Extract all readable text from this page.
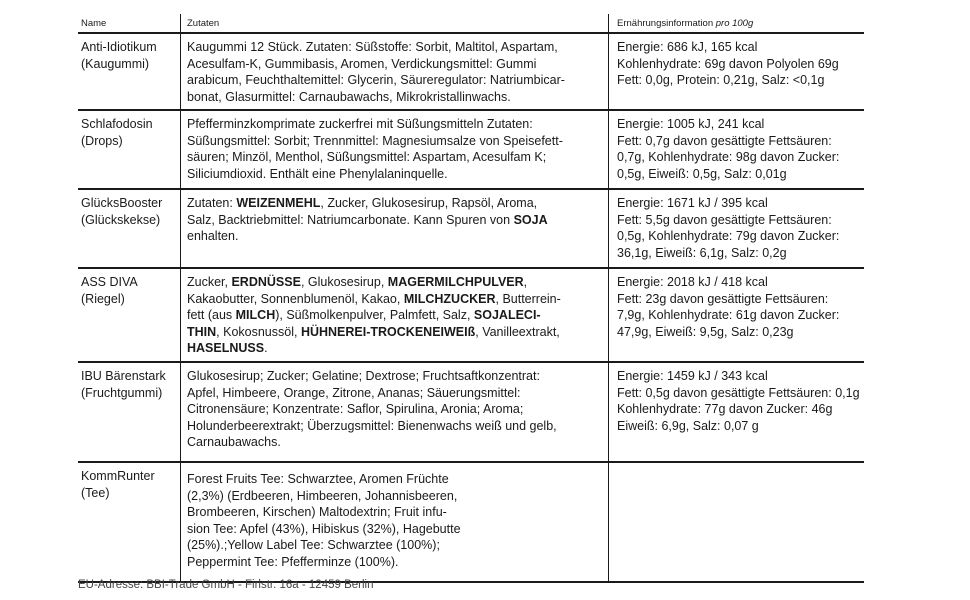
Name	Zutaten	Ernährungsinformation pro 100g
Anti-Idiotikum
(Kaugummi)
Kaugummi 12 Stück. Zutaten: Süßstoffe: Sorbit, Maltitol, Aspartam,
Acesulfam-K, Gummibasis, Aromen, Verdickungsmittel: Gummi
arabicum, Feuchthaltemittel: Glycerin, Säureregulator: Natriumbicar-
bonat, Glasurmittel: Carnaubawachs, Mikrokristallinwachs.
Energie: 686 kJ, 165 kcal
Kohlenhydrate: 69g davon Polyolen 69g
Fett: 0,0g, Protein: 0,21g, Salz: <0,1g
Schlafodosin
(Drops)
Pfefferminzkomprimate zuckerfrei mit Süßungsmitteln Zutaten:
Süßungsmittel: Sorbit; Trennmittel: Magnesiumsalze von Speisefett-
säuren; Minzöl, Menthol, Süßungsmittel: Aspartam, Acesulfam K;
Siliciumdioxid. Enthält eine Phenylalaninquelle.
Energie: 1005 kJ, 241 kcal
Fett: 0,7g davon gesättigte Fettsäuren:
0,7g, Kohlenhydrate: 98g davon Zucker:
0,5g, Eiweiß: 0,5g, Salz: 0,01g
GlücksBooster
(Glückskekse)
Zutaten: WEIZENMEHL, Zucker, Glukosesirup, Rapsöl, Aroma,
Salz, Backtriebmittel: Natriumcarbonate. Kann Spuren von SOJA
enhalten.
Energie: 1671 kJ / 395 kcal
Fett: 5,5g davon gesättigte Fettsäuren:
0,5g, Kohlenhydrate: 79g davon Zucker:
36,1g, Eiweiß: 6,1g, Salz: 0,2g
ASS DIVA
(Riegel)
Zucker, ERDNÜSSE, Glukosesirup, MAGERMILCHPULVER,
Kakaobutter, Sonnenblumenöl, Kakao, MILCHZUCKER, Butterrein-
fett (aus MILCH), Süßmolkenpulver, Palmfett, Salz, SOJALECI-
THIN, Kokosnussöl, HÜHNEREI-TROCKENEIWEIß, Vanilleextrakt,
HASELNUSS.
Energie: 2018 kJ / 418 kcal
Fett: 23g davon gesättigte Fettsäuren:
7,9g, Kohlenhydrate: 61g davon Zucker:
47,9g, Eiweiß: 9,5g, Salz: 0,23g
IBU Bärenstark
(Fruchtgummi)
Glukosesirup; Zucker; Gelatine; Dextrose; Fruchtsaftkonzentrat:
Apfel, Himbeere, Orange, Zitrone, Ananas; Säuerungsmittel:
Citronensäure; Konzentrate: Saflor, Spirulina, Aronia; Aroma;
Holunderbeerextrakt; Überzugsmittel: Bienenwachs weiß und gelb,
Carnaubawachs.
Energie: 1459 kJ / 343 kcal
Fett: 0,5g davon gesättigte Fettsäuren: 0,1g
Kohlenhydrate: 77g davon Zucker: 46g
Eiweiß: 6,9g, Salz: 0,07 g
KommRunter
(Tee)
Forest Fruits Tee: Schwarztee, Aromen Früchte
(2,3%) (Erdbeeren, Himbeeren, Johannisbeeren,
Brombeeren, Kirschen) Maltodextrin; Fruit infu-
sion Tee: Apfel (43%), Hibiskus (32%), Hagebutte
(25%).;Yellow Label Tee: Schwarztee (100%);
Peppermint Tee: Pfefferminze (100%).
EU-Adresse: BBI-Trade GmbH - Firlstr. 16a - 12459 Berlin
